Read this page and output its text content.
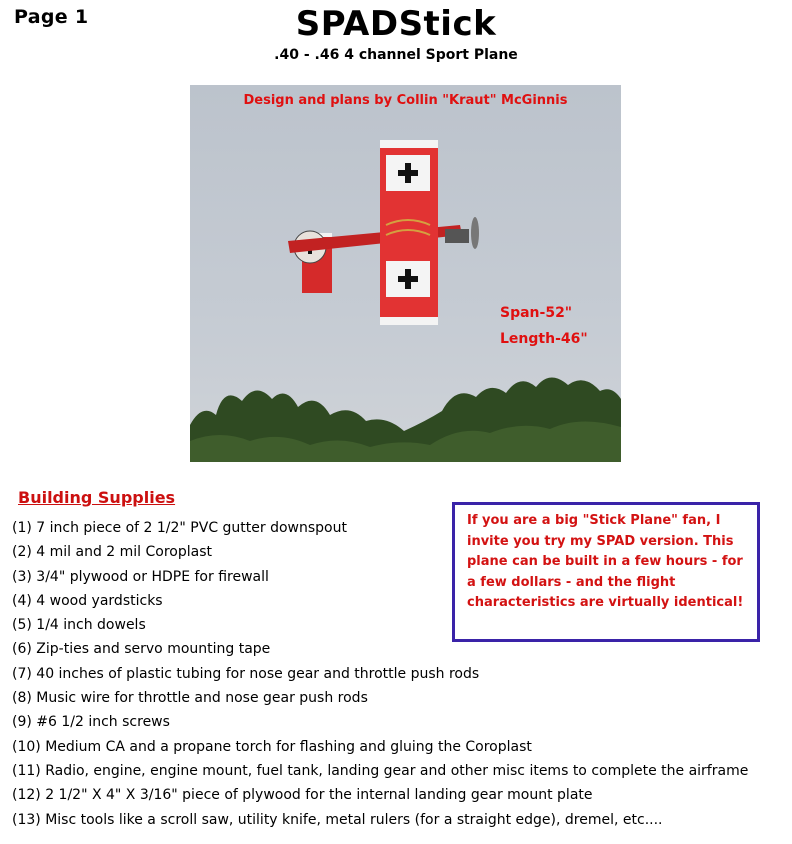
Page 1	SPADStick
.40 - .46 4 channel Sport Plane
Design and plans by Collin "Kraut" McGinnis
Span-52"
Length-46"
Building Supplies
(1) 7 inch piece of 2 1/2" PVC gutter downspout
(2) 4 mil and 2 mil Coroplast
(3) 3/4" plywood or HDPE for firewall
(4) 4 wood yardsticks
(5) 1/4 inch dowels
(6) Zip-ties and servo mounting tape
(7) 40 inches of plastic tubing for nose gear and throttle push rods
(8) Music wire for throttle and nose gear push rods
(9) #6 1/2 inch screws
(10) Medium CA and a propane torch for flashing and gluing the Coroplast
(11) Radio, engine, engine mount, fuel tank, landing gear and other misc items to complete the airframe
(12) 2 1/2" X 4" X 3/16" piece of plywood for the internal landing gear mount plate
(13) Misc tools like a scroll saw, utility knife, metal rulers (for a straight edge), dremel, etc....
If you are a big "Stick Plane" fan, I invite you try my SPAD version. This plane can be built in a few hours - for a few dollars - and the flight characteristics are virtually identical!
